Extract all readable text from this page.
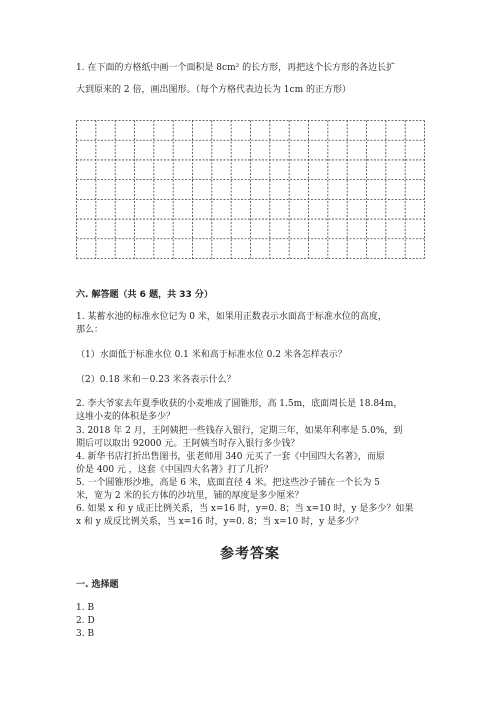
1. 在下面的方格纸中画一个面积是 8cm² 的长方形，再把这个长方形的各边长扩
大到原来的 2 倍，画出图形。（每个方格代表边长为 1cm 的正方形）
六. 解答题（共 6 题，共 33 分）
1. 某蓄水池的标准水位记为 0 米，如果用正数表示水面高于标准水位的高度，
那么：
（1）水面低于标准水位 0.1 米和高于标准水位 0.2 米各怎样表示？
（2）0.18 米和－0.23 米各表示什么？
2. 李大爷家去年夏季收获的小麦堆成了圆锥形，高 1.5m，底面周长是 18.84m，
这堆小麦的体积是多少？
3. 2018 年 2 月，王阿姨把一些钱存入银行，定期三年，如果年利率是 5.0%，到
期后可以取出 92000 元。王阿姨当时存入银行多少钱？
4. 新华书店打折出售图书，张老师用 340 元买了一套《中国四大名著》，而原
价是 400 元 ，这套《中国四大名著》打了几折？
5. 一个圆锥形沙堆，高是 6 米，底面直径 4 米。把这些沙子铺在一个长为 5
米，宽为 2 米的长方体的沙坑里，铺的厚度是多少厘米？
6. 如果 x 和 y 成正比例关系，当 x=16 时，y=0. 8；当 x=10 时，y 是多少？如果
x 和 y 成反比例关系，当 x=16 时，y=0. 8；当 x=10 时，y 是多少？
参考答案
一. 选择题
1. B
2. D
3. B
